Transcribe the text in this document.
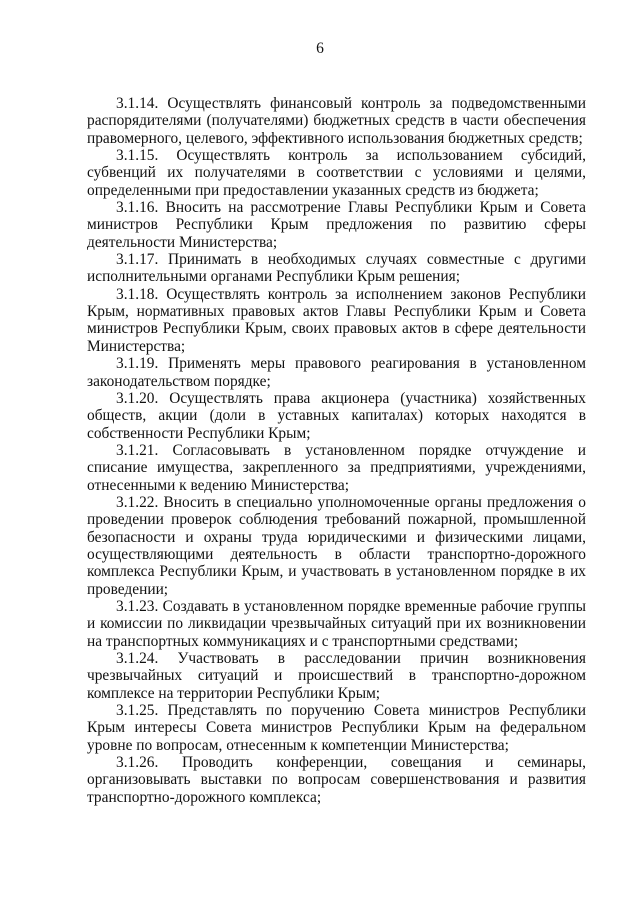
6

3.1.14. Осуществлять финансовый контроль за подведомственными распорядителями (получателями) бюджетных средств в части обеспечения правомерного, целевого, эффективного использования бюджетных средств;

3.1.15. Осуществлять контроль за использованием субсидий, субвенций их получателями в соответствии с условиями и целями, определенными при предоставлении указанных средств из бюджета;

3.1.16. Вносить на рассмотрение Главы Республики Крым и Совета министров Республики Крым предложения по развитию сферы деятельности Министерства;

3.1.17. Принимать в необходимых случаях совместные с другими исполнительными органами Республики Крым решения;

3.1.18. Осуществлять контроль за исполнением законов Республики Крым, нормативных правовых актов Главы Республики Крым и Совета министров Республики Крым, своих правовых актов в сфере деятельности Министерства;

3.1.19. Применять меры правового реагирования в установленном законодательством порядке;

3.1.20. Осуществлять права акционера (участника) хозяйственных обществ, акции (доли в уставных капиталах) которых находятся в собственности Республики Крым;

3.1.21. Согласовывать в установленном порядке отчуждение и списание имущества, закрепленного за предприятиями, учреждениями, отнесенными к ведению Министерства;

3.1.22. Вносить в специально уполномоченные органы предложения о проведении проверок соблюдения требований пожарной, промышленной безопасности и охраны труда юридическими и физическими лицами, осуществляющими деятельность в области транспортно-дорожного комплекса Республики Крым, и участвовать в установленном порядке в их проведении;

3.1.23. Создавать в установленном порядке временные рабочие группы и комиссии по ликвидации чрезвычайных ситуаций при их возникновении на транспортных коммуникациях и с транспортными средствами;

3.1.24. Участвовать в расследовании причин возникновения чрезвычайных ситуаций и происшествий в транспортно-дорожном комплексе на территории Республики Крым;

3.1.25. Представлять по поручению Совета министров Республики Крым интересы Совета министров Республики Крым на федеральном уровне по вопросам, отнесенным к компетенции Министерства;

3.1.26. Проводить конференции, совещания и семинары, организовывать выставки по вопросам совершенствования и развития транспортно-дорожного комплекса;
